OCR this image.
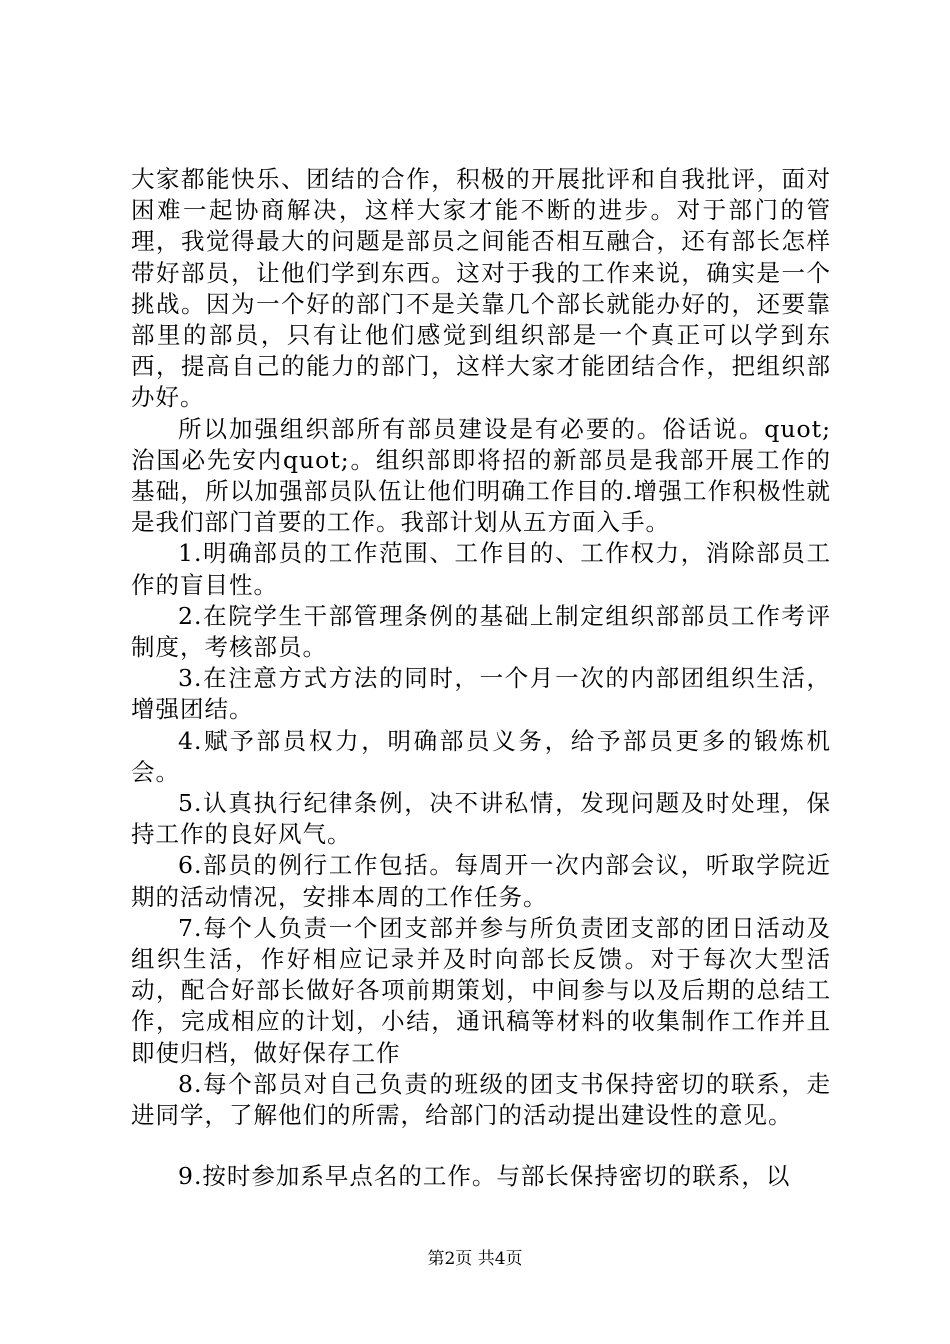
大家都能快乐、团结的合作，积极的开展批评和自我批评，面对困难一起协商解决，这样大家才能不断的进步。对于部门的管理，我觉得最大的问题是部员之间能否相互融合，还有部长怎样带好部员，让他们学到东西。这对于我的工作来说，确实是一个挑战。因为一个好的部门不是关靠几个部长就能办好的，还要靠部里的部员，只有让他们感觉到组织部是一个真正可以学到东西，提高自己的能力的部门，这样大家才能团结合作，把组织部办好。

所以加强组织部所有部员建设是有必要的。俗话说。quot;治国必先安内quot;。组织部即将招的新部员是我部开展工作的基础，所以加强部员队伍让他们明确工作目的.增强工作积极性就是我们部门首要的工作。我部计划从五方面入手。

1.明确部员的工作范围、工作目的、工作权力，消除部员工作的盲目性。

2.在院学生干部管理条例的基础上制定组织部部员工作考评制度，考核部员。

3.在注意方式方法的同时，一个月一次的内部团组织生活，增强团结。

4.赋予部员权力，明确部员义务，给予部员更多的锻炼机会。

5.认真执行纪律条例，决不讲私情，发现问题及时处理，保持工作的良好风气。

6.部员的例行工作包括。每周开一次内部会议，听取学院近期的活动情况，安排本周的工作任务。

7.每个人负责一个团支部并参与所负责团支部的团日活动及组织生活，作好相应记录并及时向部长反馈。对于每次大型活动，配合好部长做好各项前期策划，中间参与以及后期的总结工作，完成相应的计划，小结，通讯稿等材料的收集制作工作并且即使归档，做好保存工作

8.每个部员对自己负责的班级的团支书保持密切的联系，走进同学，了解他们的所需，给部门的活动提出建设性的意见。

9.按时参加系早点名的工作。与部长保持密切的联系，以

第2页 共4页
